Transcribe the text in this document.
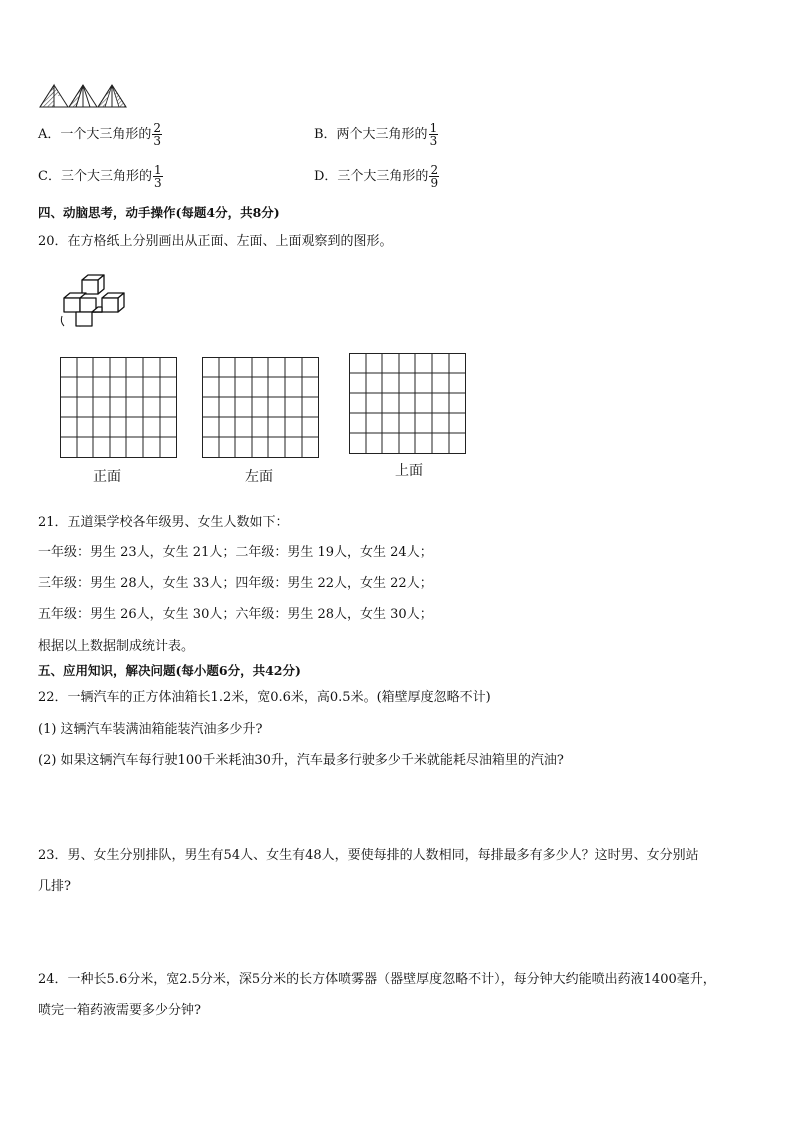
A．一个大三角形的 $\frac{2}{3}$	B．两个大三角形的 $\frac{1}{3}$
C．三个大三角形的 $\frac{1}{3}$	D．三个大三角形的 $\frac{2}{9}$
四、动脑思考，动手操作(每题4分，共8分)
20．在方格纸上分别画出从正面、左面、上面观察到的图形。
正面	左面	上面
21．五道渠学校各年级男、女生人数如下：
一年级：男生 23人，女生 21人；二年级：男生 19人，女生 24人；
三年级：男生 28人，女生 33人；四年级：男生 22人，女生 22人；
五年级：男生 26人，女生 30人；六年级：男生 28人，女生 30人；
根据以上数据制成统计表。
五、应用知识，解决问题(每小题6分，共42分)
22．一辆汽车的正方体油箱长1.2米，宽0.6米，高0.5米。(箱壁厚度忽略不计)
(1) 这辆汽车装满油箱能装汽油多少升?
(2) 如果这辆汽车每行驶100千米耗油30升，汽车最多行驶多少千米就能耗尽油箱里的汽油?
23．男、女生分别排队，男生有54人、女生有48人，要使每排的人数相同，每排最多有多少人？这时男、女分别站
几排?
24．一种长5.6分米，宽2.5分米，深5分米的长方体喷雾器（器壁厚度忽略不计），每分钟大约能喷出药液1400毫升，
喷完一箱药液需要多少分钟?
